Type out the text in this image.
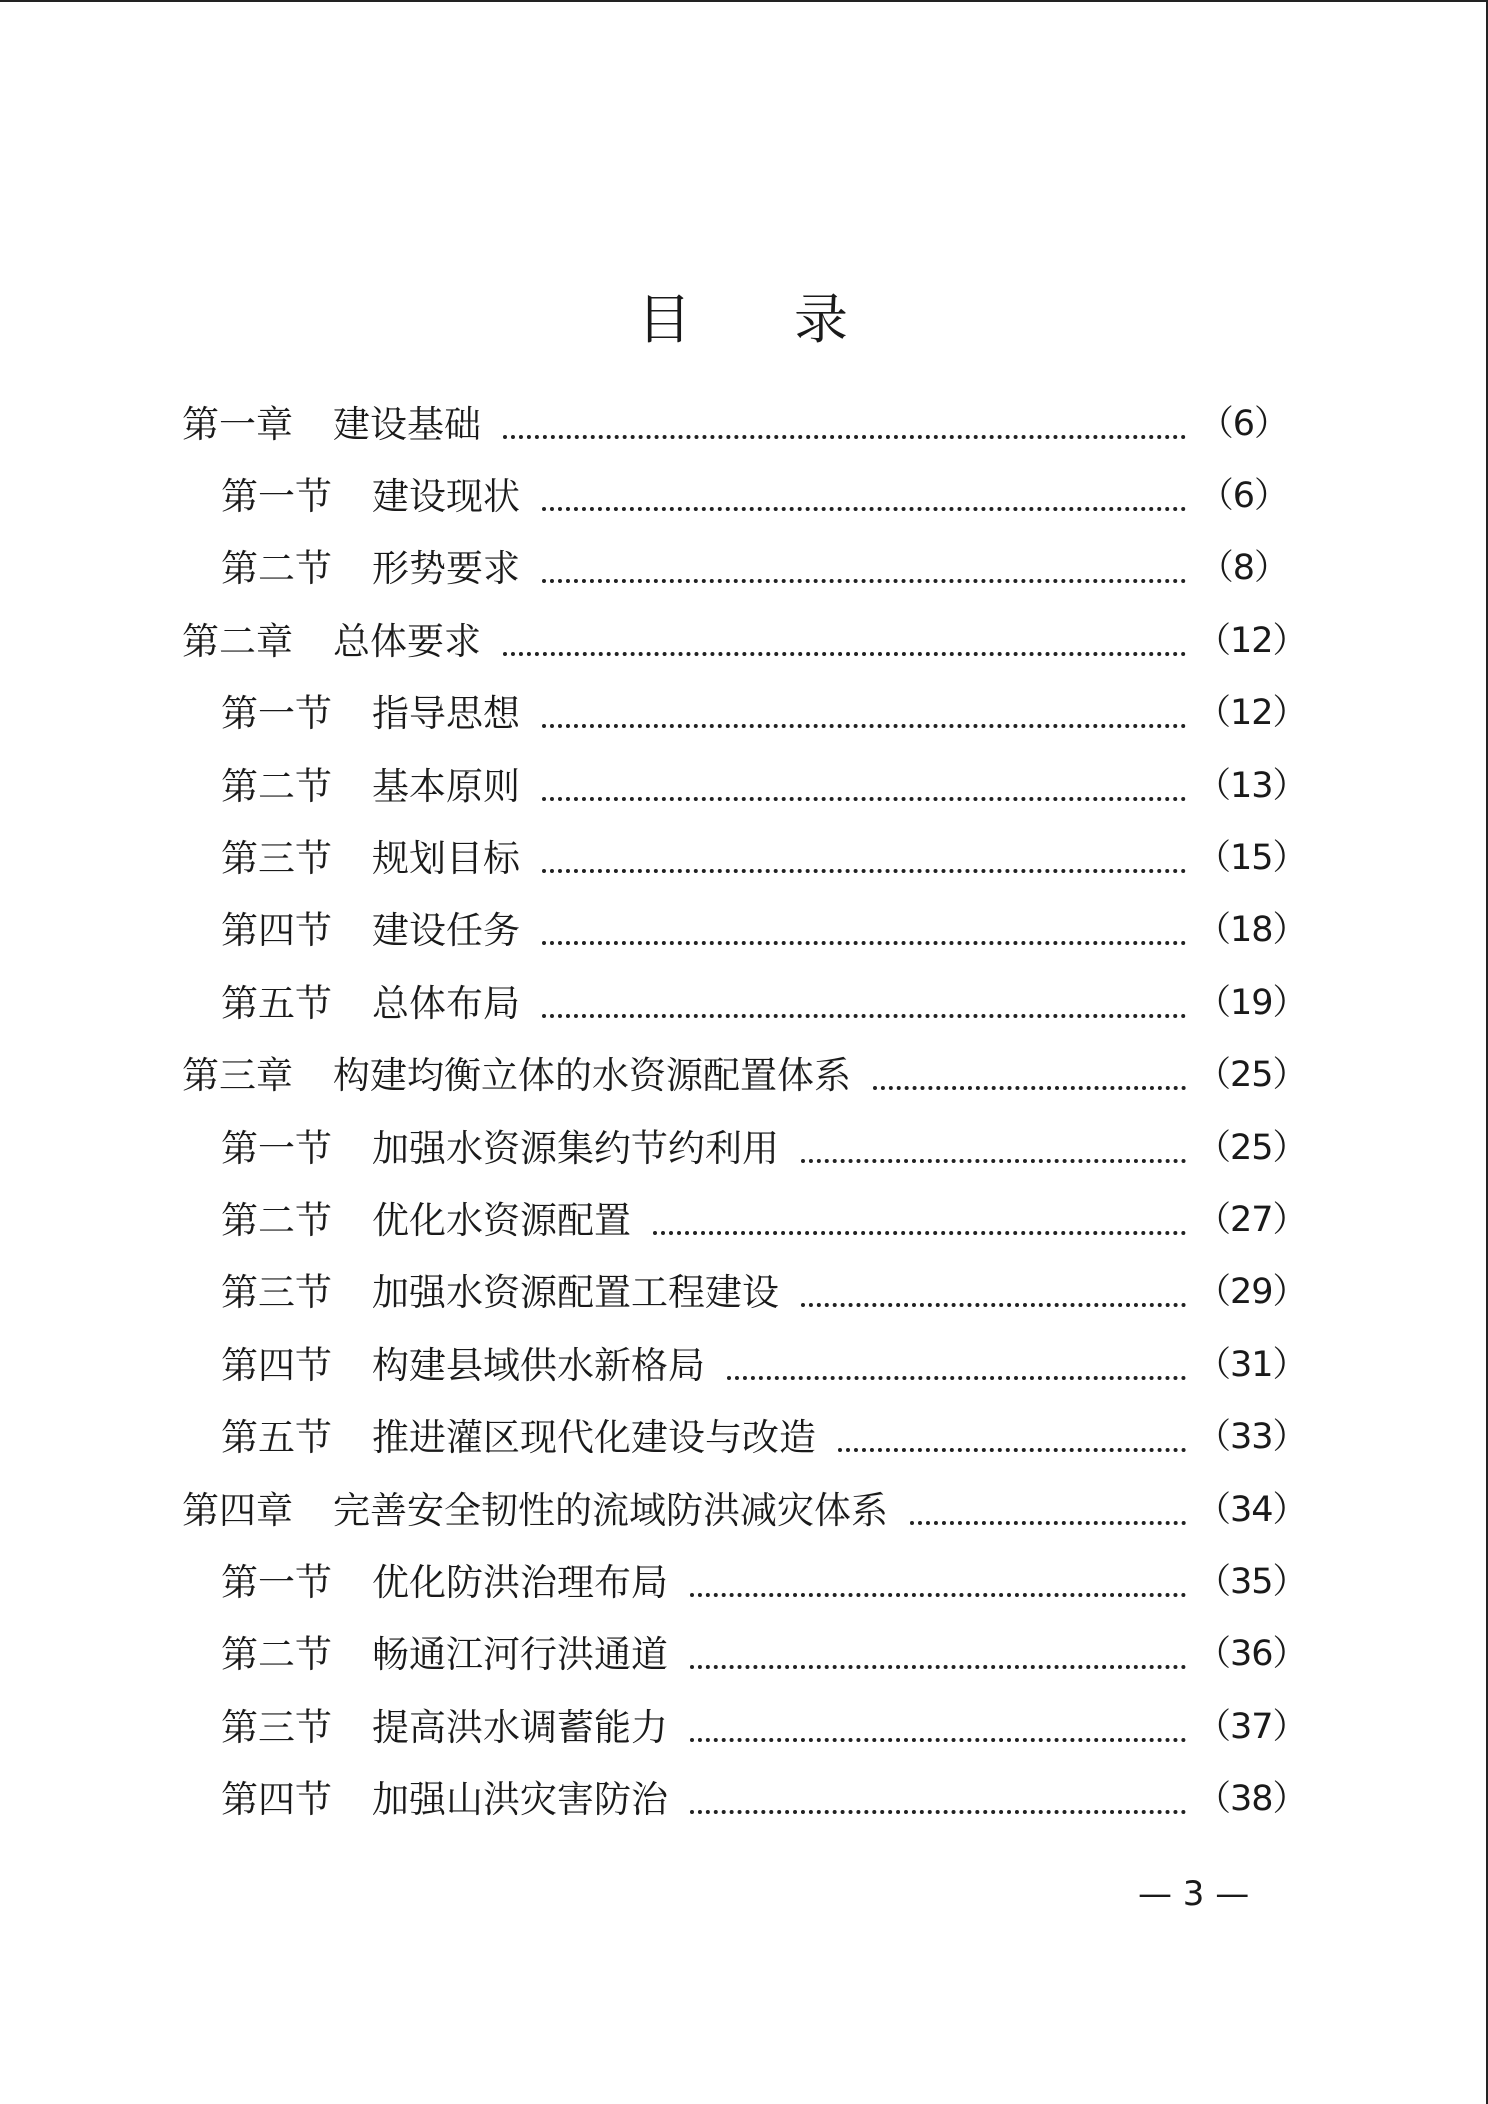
目 录
第一章 建设基础	（6）
第一节 建设现状	（6）
第二节 形势要求	（8）
第二章 总体要求	（12）
第一节 指导思想	（12）
第二节 基本原则	（13）
第三节 规划目标	（15）
第四节 建设任务	（18）
第五节 总体布局	（19）
第三章 构建均衡立体的水资源配置体系	（25）
第一节 加强水资源集约节约利用	（25）
第二节 优化水资源配置	（27）
第三节 加强水资源配置工程建设	（29）
第四节 构建县域供水新格局	（31）
第五节 推进灌区现代化建设与改造	（33）
第四章 完善安全韧性的流域防洪减灾体系	（34）
第一节 优化防洪治理布局	（35）
第二节 畅通江河行洪通道	（36）
第三节 提高洪水调蓄能力	（37）
第四节 加强山洪灾害防治	（38）
— 3 —
